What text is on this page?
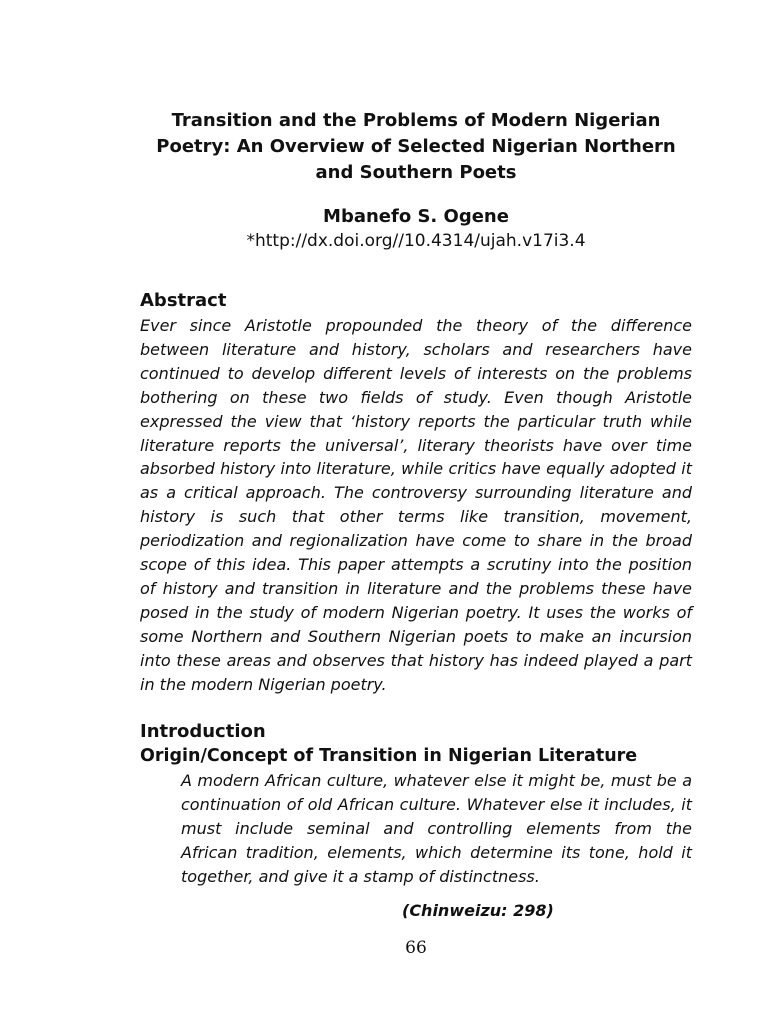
Transition and the Problems of Modern Nigerian Poetry: An Overview of Selected Nigerian Northern and Southern Poets
Mbanefo S. Ogene
*http://dx.doi.org//10.4314/ujah.v17i3.4
Abstract

Ever since Aristotle propounded the theory of the difference between literature and history, scholars and researchers have continued to develop different levels of interests on the problems bothering on these two fields of study. Even though Aristotle expressed the view that ‘history reports the particular truth while literature reports the universal’, literary theorists have over time absorbed history into literature, while critics have equally adopted it as a critical approach. The controversy surrounding literature and history is such that other terms like transition, movement, periodization and regionalization have come to share in the broad scope of this idea. This paper attempts a scrutiny into the position of history and transition in literature and the problems these have posed in the study of modern Nigerian poetry. It uses the works of some Northern and Southern Nigerian poets to make an incursion into these areas and observes that history has indeed played a part in the modern Nigerian poetry.

Introduction
Origin/Concept of Transition in Nigerian Literature

A modern African culture, whatever else it might be, must be a continuation of old African culture. Whatever else it includes, it must include seminal and controlling elements from the African tradition, elements, which determine its tone, hold it together, and give it a stamp of distinctness.

(Chinweizu: 298)
66
